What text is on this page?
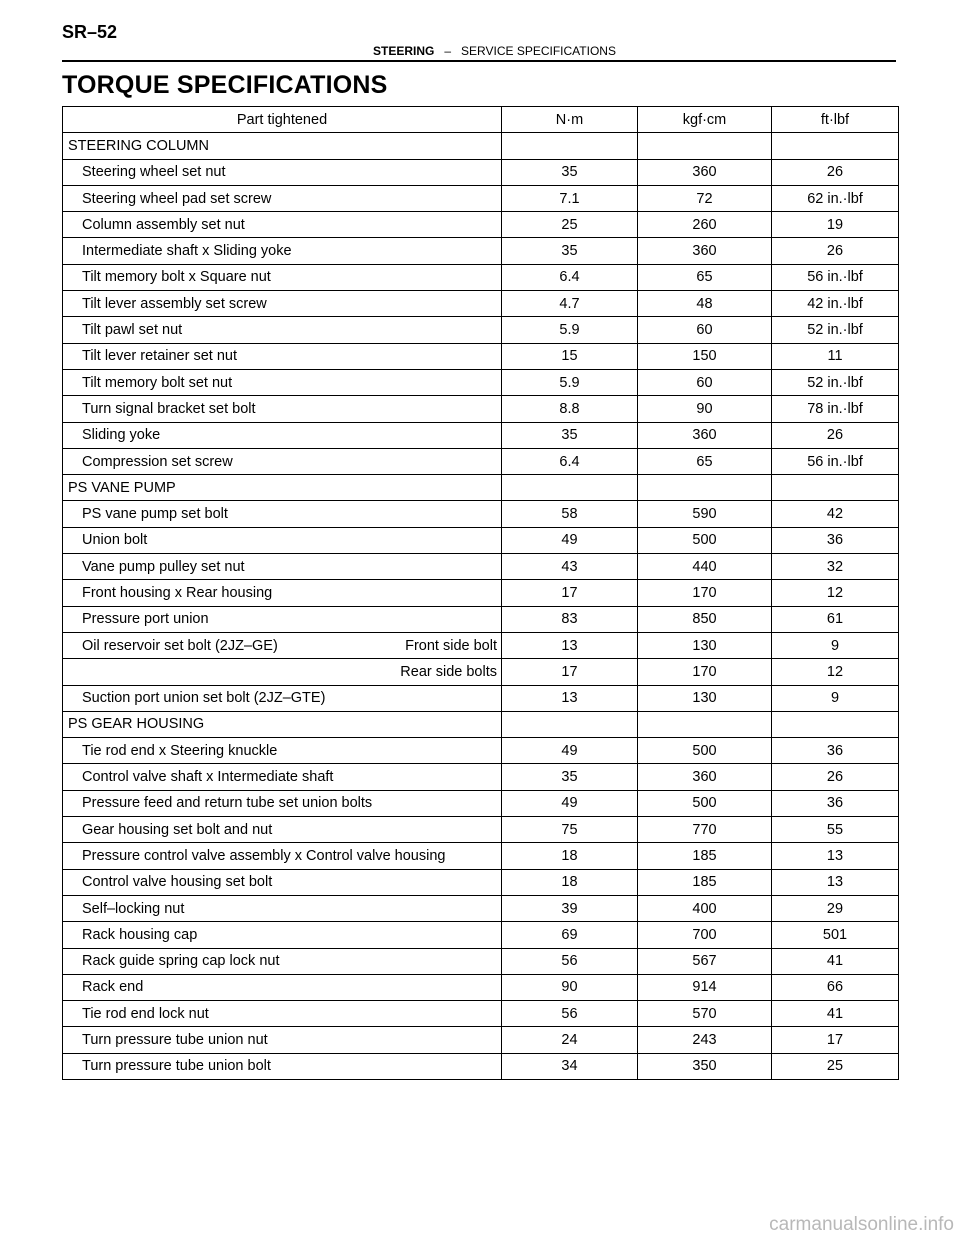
SR–52
STEERING – SERVICE SPECIFICATIONS
TORQUE SPECIFICATIONS
Part tightened	N·m	kgf·cm	ft·lbf
STEERING COLUMN			
Steering wheel set nut	35	360	26
Steering wheel pad set screw	7.1	72	62 in.·lbf
Column assembly set nut	25	260	19
Intermediate shaft x Sliding yoke	35	360	26
Tilt memory bolt x Square nut	6.4	65	56 in.·lbf
Tilt lever assembly set screw	4.7	48	42 in.·lbf
Tilt pawl set nut	5.9	60	52 in.·lbf
Tilt lever retainer set nut	15	150	11
Tilt memory bolt set nut	5.9	60	52 in.·lbf
Turn signal bracket set bolt	8.8	90	78 in.·lbf
Sliding yoke	35	360	26
Compression set screw	6.4	65	56 in.·lbf
PS VANE PUMP			
PS vane pump set bolt	58	590	42
Union bolt	49	500	36
Vane pump pulley set nut	43	440	32
Front housing x Rear housing	17	170	12
Pressure port union	83	850	61
Oil reservoir set bolt (2JZ–GE) Front side bolt	13	130	9
Rear side bolts	17	170	12
Suction port union set bolt (2JZ–GTE)	13	130	9
PS GEAR HOUSING			
Tie rod end x Steering knuckle	49	500	36
Control valve shaft x Intermediate shaft	35	360	26
Pressure feed and return tube set union bolts	49	500	36
Gear housing set bolt and nut	75	770	55
Pressure control valve assembly x Control valve housing	18	185	13
Control valve housing set bolt	18	185	13
Self–locking nut	39	400	29
Rack housing cap	69	700	501
Rack guide spring cap lock nut	56	567	41
Rack end	90	914	66
Tie rod end lock nut	56	570	41
Turn pressure tube union nut	24	243	17
Turn pressure tube union bolt	34	350	25
carmanualsonline.info
